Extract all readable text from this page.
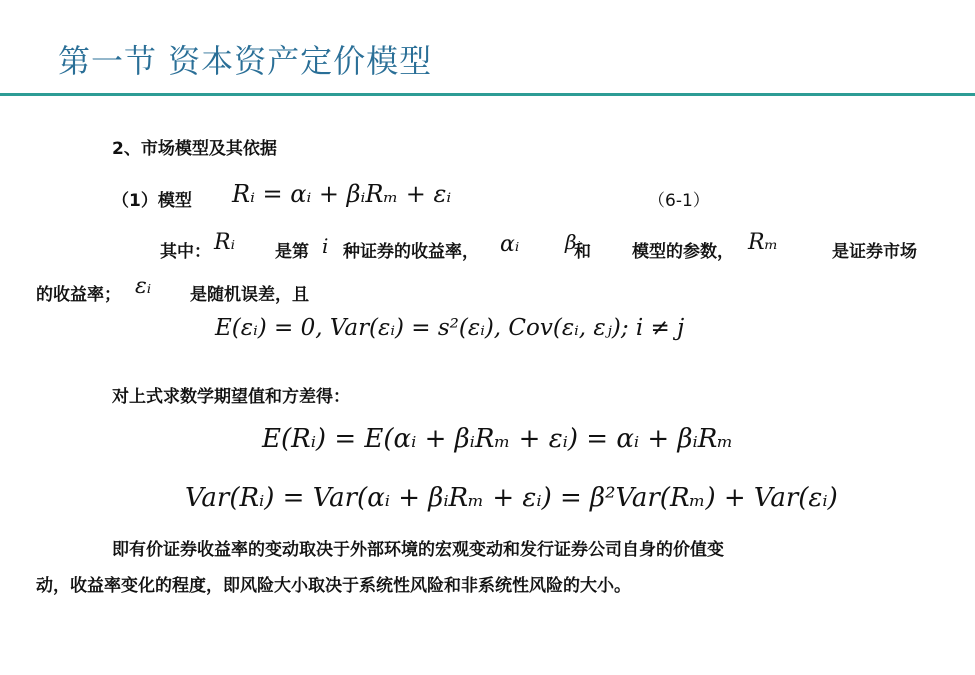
第一节 资本资产定价模型
2、市场模型及其依据
（1）模型 Rᵢ = αᵢ + βᵢRₘ + εᵢ	（6-1）
其中： Rᵢ 是第 i 种证券的收益率， αᵢ	和
βᵢ	模型的参数， Rₘ	是证券市场
的收益率； εᵢ 是随机误差，且
E(εᵢ) = 0, Var(εᵢ) = s²(εᵢ), Cov(εᵢ, εⱼ); i ≠ j
对上式求数学期望值和方差得：
E(Rᵢ) = E(αᵢ + βᵢRₘ + εᵢ) = αᵢ + βᵢRₘ
Var(Rᵢ) = Var(αᵢ + βᵢRₘ + εᵢ) = β²Var(Rₘ) + Var(εᵢ)
即有价证券收益率的变动取决于外部环境的宏观变动和发行证券公司自身的价值变
动，收益率变化的程度，即风险大小取决于系统性风险和非系统性风险的大小。
